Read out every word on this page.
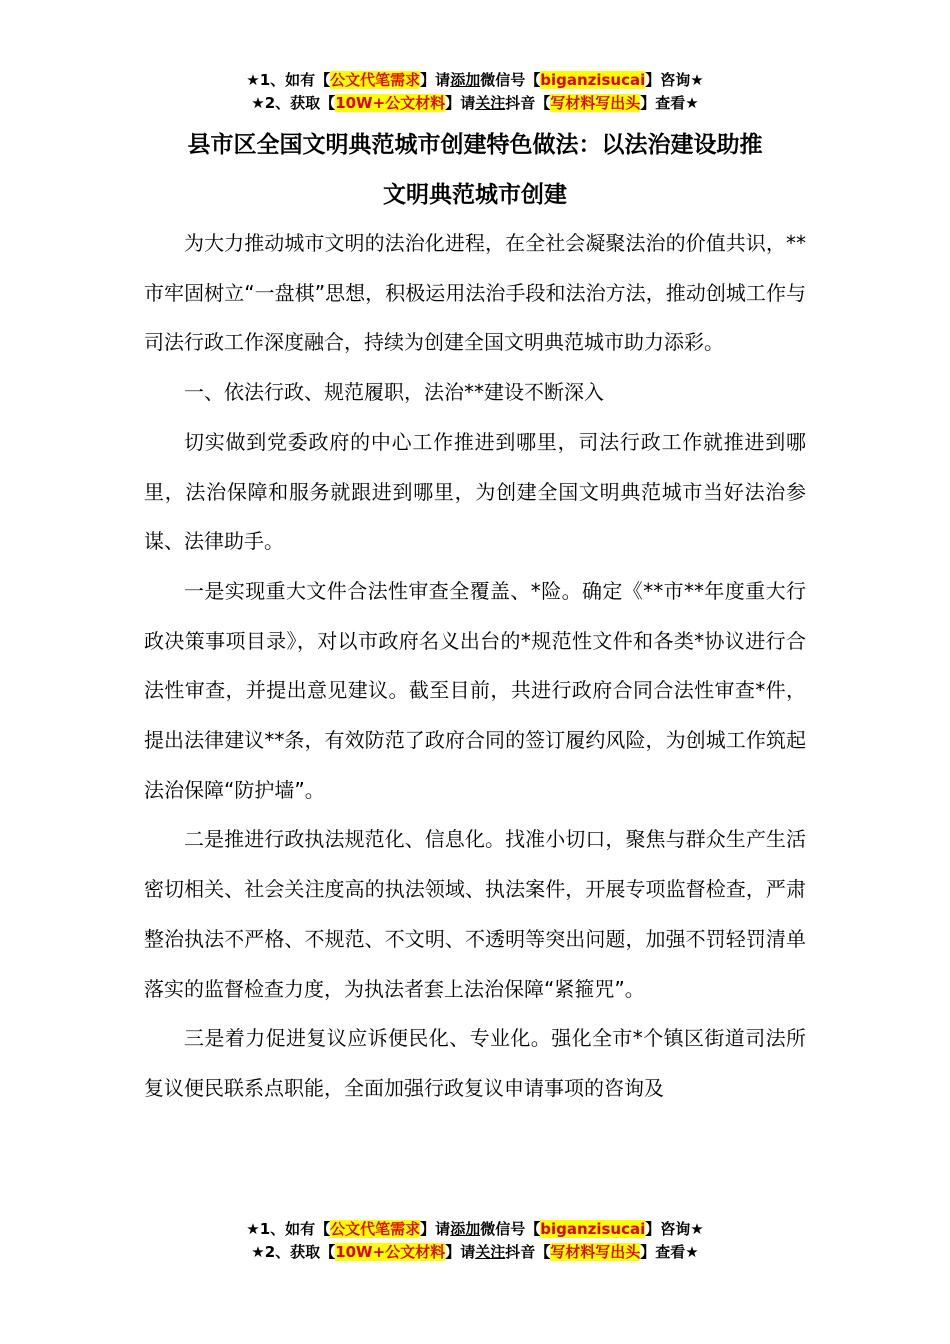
★1、如有【公文代笔需求】请添加微信号【biganzisucai】咨询★
★2、获取【10W+公文材料】请关注抖音【写材料写出头】查看★
县市区全国文明典范城市创建特色做法：以法治建设助推
文明典范城市创建

为大力推动城市文明的法治化进程，在全社会凝聚法治的价值共识，**市牢固树立“一盘棋”思想，积极运用法治手段和法治方法，推动创城工作与司法行政工作深度融合，持续为创建全国文明典范城市助力添彩。

一、依法行政、规范履职，法治**建设不断深入

切实做到党委政府的中心工作推进到哪里，司法行政工作就推进到哪里，法治保障和服务就跟进到哪里，为创建全国文明典范城市当好法治参谋、法律助手。

一是实现重大文件合法性审查全覆盖、*险。确定《**市**年度重大行政决策事项目录》，对以市政府名义出台的*规范性文件和各类*协议进行合法性审查，并提出意见建议。截至目前，共进行政府合同合法性审查*件，提出法律建议**条，有效防范了政府合同的签订履约风险，为创城工作筑起法治保障“防护墙”。

二是推进行政执法规范化、信息化。找准小切口，聚焦与群众生产生活密切相关、社会关注度高的执法领域、执法案件，开展专项监督检查，严肃整治执法不严格、不规范、不文明、不透明等突出问题，加强不罚轻罚清单落实的监督检查力度，为执法者套上法治保障“紧箍咒”。

三是着力促进复议应诉便民化、专业化。强化全市*个镇区街道司法所复议便民联系点职能，全面加强行政复议申请事项的咨询及

★1、如有【公文代笔需求】请添加微信号【biganzisucai】咨询★
★2、获取【10W+公文材料】请关注抖音【写材料写出头】查看★
